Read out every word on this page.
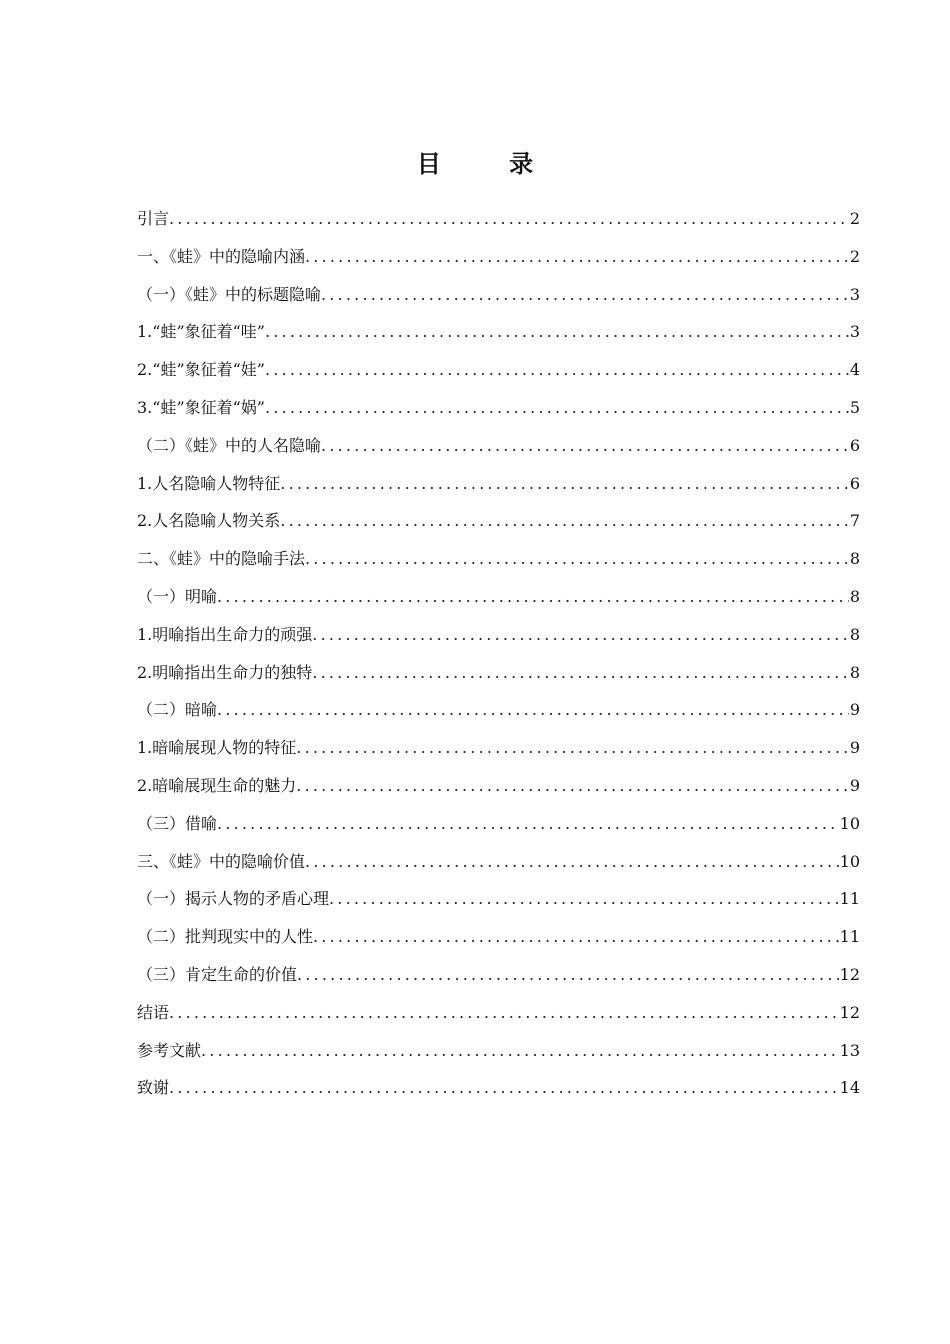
目 录
引言 .....	2
一、《蛙》中的隐喻内涵 .....	2
（一）《蛙》中的标题隐喻 .....	3
1.“蛙”象征着“哇” .....	3
2.“蛙”象征着“娃” .....	4
3.“蛙”象征着“娲” .....	5
（二）《蛙》中的人名隐喻 .....	6
1.人名隐喻人物特征 .....	6
2.人名隐喻人物关系 .....	7
二、《蛙》中的隐喻手法 .....	8
（一）明喻 .....	8
1.明喻指出生命力的顽强 .....	8
2.明喻指出生命力的独特 .....	8
（二）暗喻 .....	9
1.暗喻展现人物的特征 .....	9
2.暗喻展现生命的魅力 .....	9
（三）借喻 .....	10
三、《蛙》中的隐喻价值 .....	10
（一）揭示人物的矛盾心理 .....	11
（二）批判现实中的人性 .....	11
（三）肯定生命的价值 .....	12
结语 .....	12
参考文献 .....	13
致谢 .....	14
